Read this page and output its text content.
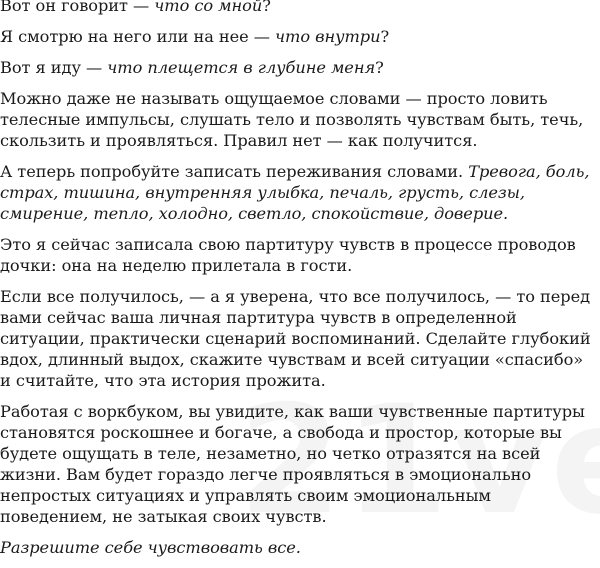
Вот он говорит — что со мной?

Я смотрю на него или на нее — что внутри?

Вот я иду — что плещется в глубине меня?

Можно даже не называть ощущаемое словами — просто ловить телесные импульсы, слушать тело и позволять чувствам быть, течь, скользить и проявляться. Правил нет — как получится.

А теперь попробуйте записать переживания словами. Тревога, боль, страх, тишина, внутренняя улыбка, печаль, грусть, слезы, смирение, тепло, холодно, светло, спокойствие, доверие.

Это я сейчас записала свою партитуру чувств в процессе проводов дочки: она на неделю прилетала в гости.

Если все получилось, — а я уверена, что все получилось, — то перед вами сейчас ваша личная партитура чувств в определенной ситуации, практически сценарий воспоминаний. Сделайте глубокий вдох, длинный выдох, скажите чувствам и всей ситуации «спасибо» и считайте, что эта история прожита.

Работая с воркбуком, вы увидите, как ваши чувственные партитуры становятся роскошнее и богаче, а свобода и простор, которые вы будете ощущать в теле, незаметно, но четко отразятся на всей жизни. Вам будет гораздо легче проявляться в эмоционально непростых ситуациях и управлять своим эмоциональным поведением, не затыкая своих чувств.

Разрешите себе чувствовать все.
